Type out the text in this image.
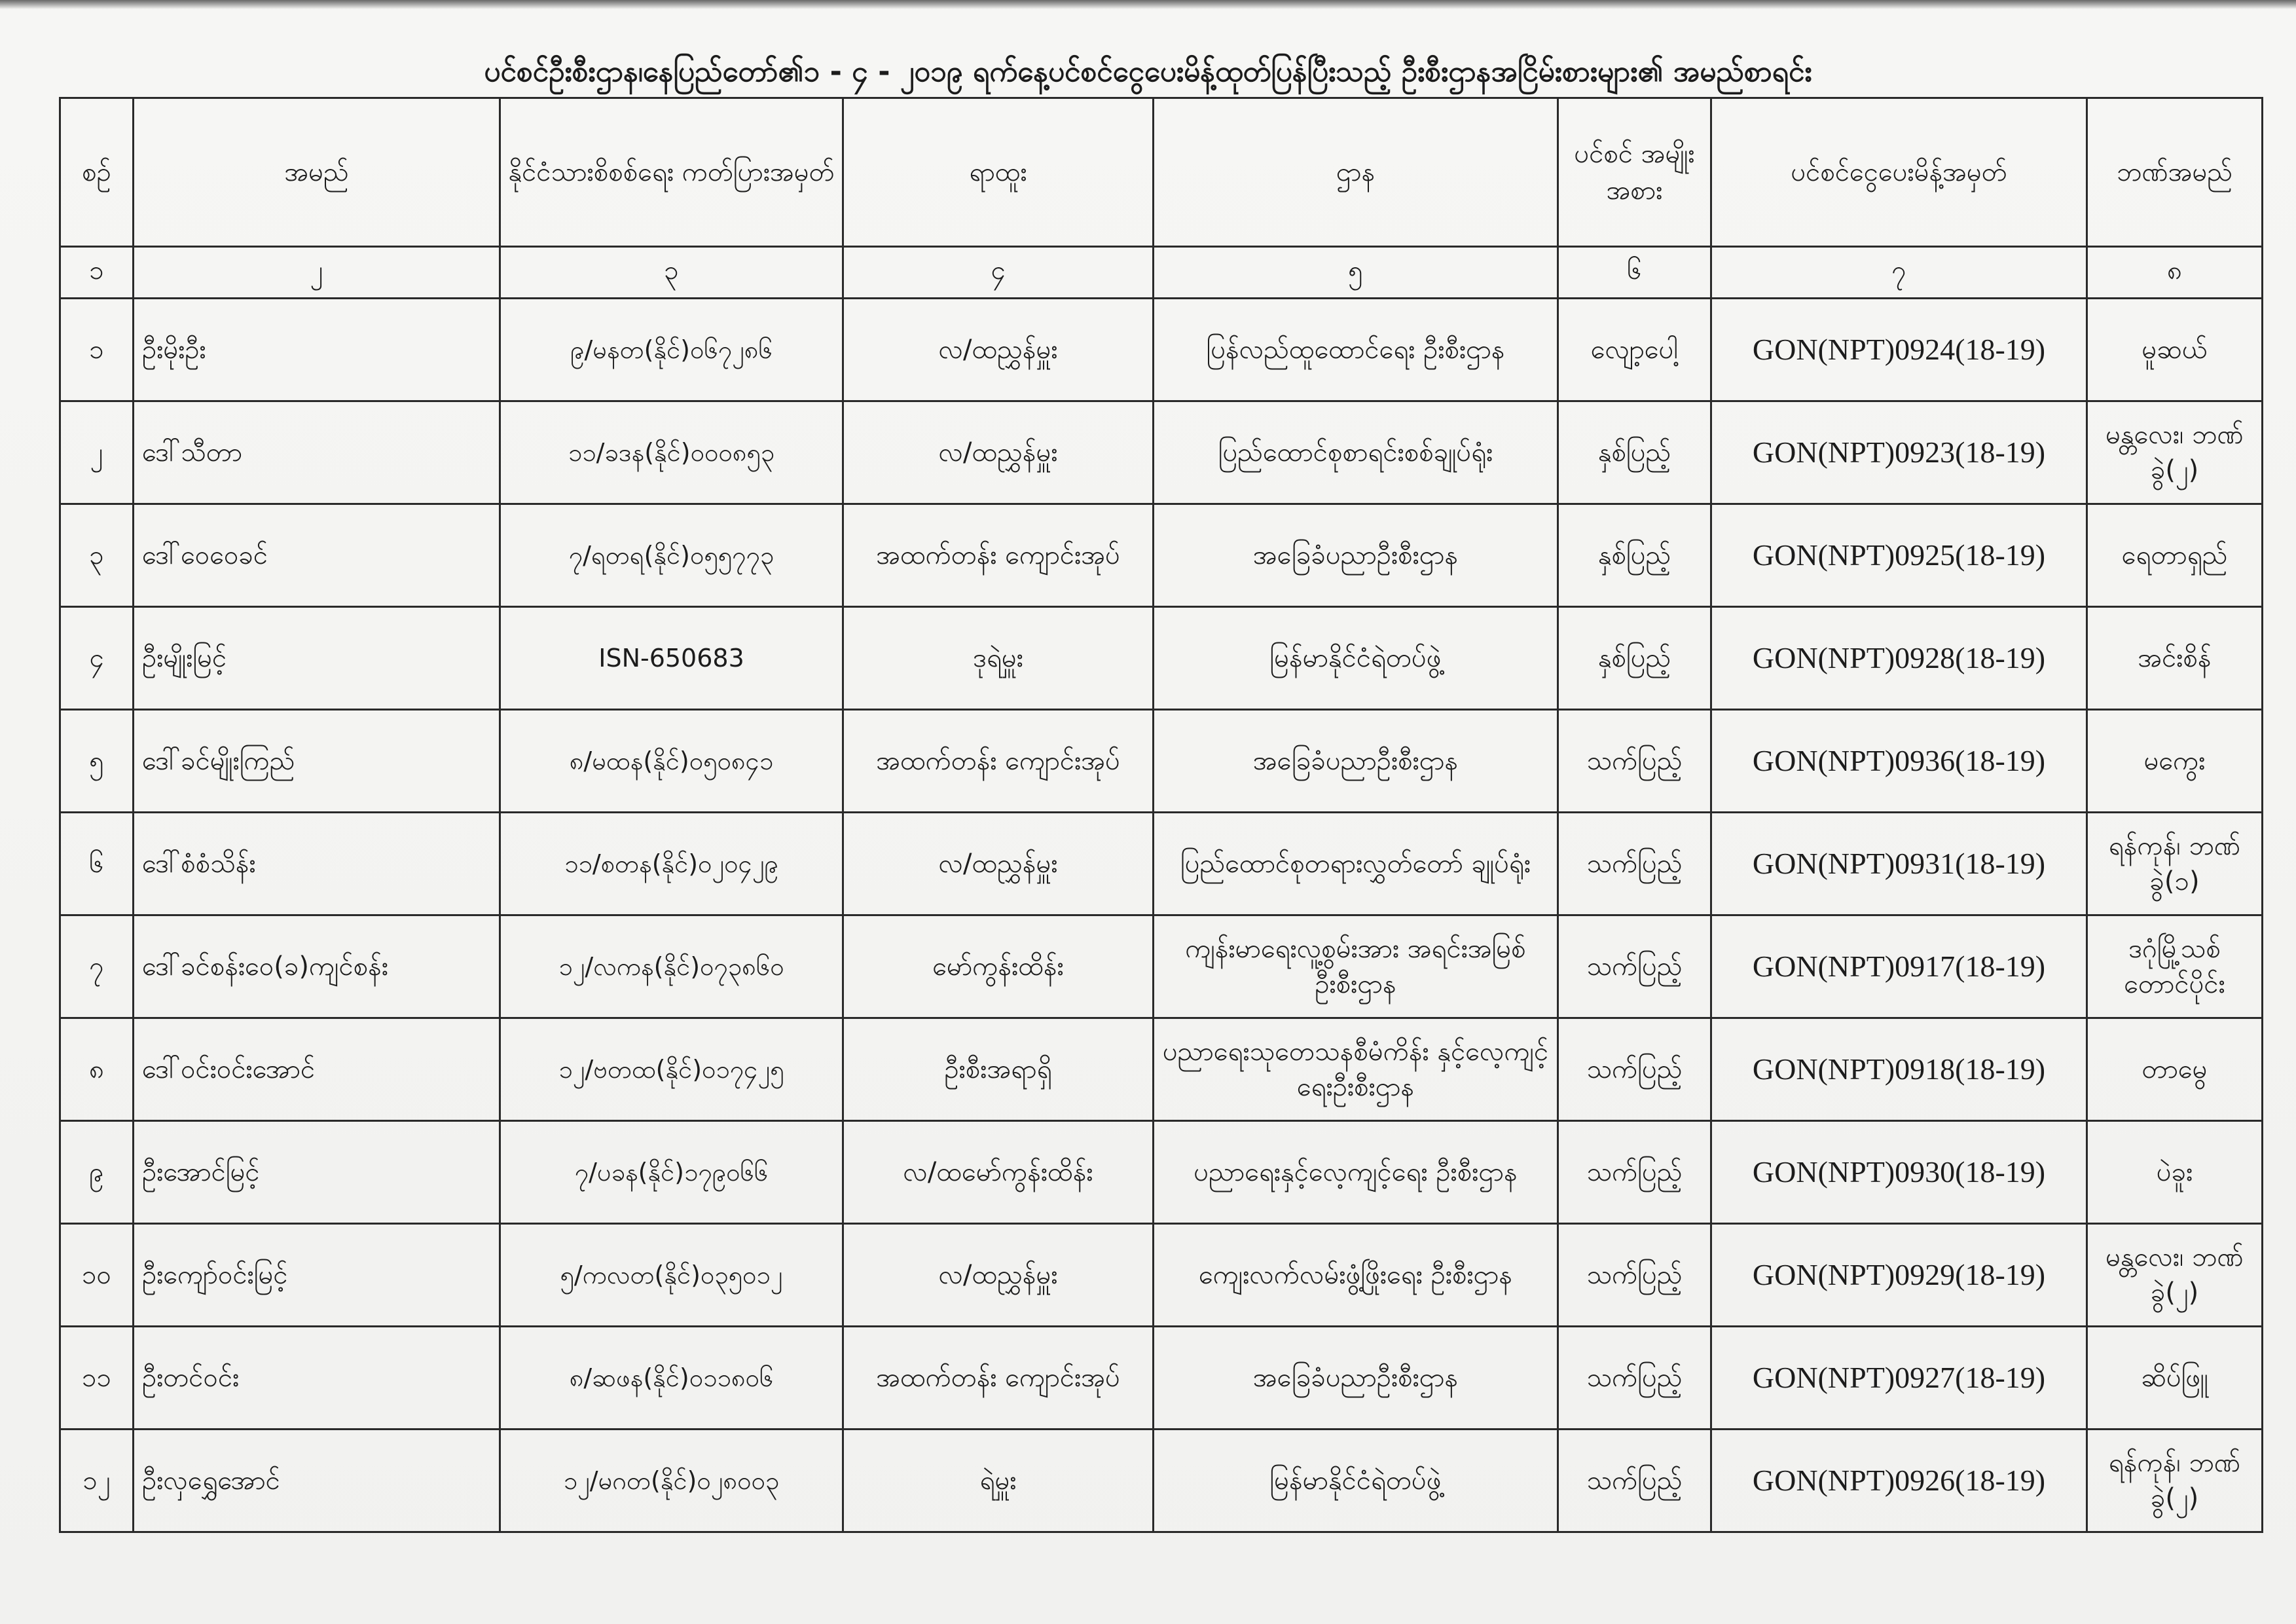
ပင်စင်ဦးစီးဌာန၊နေပြည်တော်၏၁ - ၄ - ၂၀၁၉ ရက်နေ့ပင်စင်ငွေပေးမိန့်ထုတ်ပြန်ပြီးသည့် ဦးစီးဌာနအငြိမ်းစားများ၏ အမည်စာရင်း
စဉ်	အမည်	နိုင်ငံသားစိစစ်ရေး ကတ်ပြားအမှတ်	ရာထူး	ဌာန	ပင်စင် အမျိုး အစား	ပင်စင်ငွေပေးမိန့်အမှတ်	ဘဏ်အမည်
၁	၂	၃	၄	၅	၆	၇	၈
၁	ဦးမိုးဦး	၉/မနတ(နိုင်)၀၆၇၂၈၆	လ/ထညွှန်မှူး	ပြန်လည်ထူထောင်ရေး ဦးစီးဌာန	လျော့ပေါ့	GON(NPT)0924(18-19)	မူဆယ်
၂	ဒေါ်သီတာ	၁၁/ခဒန(နိုင်)၀၀၀၈၅၃	လ/ထညွှန်မှူး	ပြည်ထောင်စုစာရင်းစစ်ချုပ်ရုံး	နှစ်ပြည့်	GON(NPT)0923(18-19)	မန္တလေး၊ ဘဏ်ခွဲ(၂)
၃	ဒေါ်ဝေဝေခင်	၇/ရတရ(နိုင်)၀၅၅၇၇၃	အထက်တန်း ကျောင်းအုပ်	အခြေခံပညာဦးစီးဌာန	နှစ်ပြည့်	GON(NPT)0925(18-19)	ရေတာရှည်
၄	ဦးမျိုးမြင့်	ISN-650683	ဒုရဲမှူး	မြန်မာနိုင်ငံရဲတပ်ဖွဲ့	နှစ်ပြည့်	GON(NPT)0928(18-19)	အင်းစိန်
၅	ဒေါ်ခင်မျိုးကြည်	၈/မထန(နိုင်)၀၅၀၈၄၁	အထက်တန်း ကျောင်းအုပ်	အခြေခံပညာဦးစီးဌာန	သက်ပြည့်	GON(NPT)0936(18-19)	မကွေး
၆	ဒေါ်စံစံသိန်း	၁၁/စတန(နိုင်)၀၂၀၄၂၉	လ/ထညွှန်မှူး	ပြည်ထောင်စုတရားလွှတ်တော် ချုပ်ရုံး	သက်ပြည့်	GON(NPT)0931(18-19)	ရန်ကုန်၊ ဘဏ်ခွဲ(၁)
၇	ဒေါ်ခင်စန်းဝေ(ခ)ကျင်စန်း	၁၂/လကန(နိုင်)၀၇၃၈၆၀	မော်ကွန်းထိန်း	ကျန်းမာရေးလူ့စွမ်းအား အရင်းအမြစ်ဦးစီးဌာန	သက်ပြည့်	GON(NPT)0917(18-19)	ဒဂုံမြို့သစ် တောင်ပိုင်း
၈	ဒေါ်ဝင်းဝင်းအောင်	၁၂/ဗတထ(နိုင်)၀၁၇၄၂၅	ဦးစီးအရာရှိ	ပညာရေးသုတေသနစီမံကိန်း နှင့်လေ့ကျင့်ရေးဦးစီးဌာန	သက်ပြည့်	GON(NPT)0918(18-19)	တာမွေ
၉	ဦးအောင်မြင့်	၇/ပခန(နိုင်)၁၇၉၀၆၆	လ/ထမော်ကွန်းထိန်း	ပညာရေးနှင့်လေ့ကျင့်ရေး ဦးစီးဌာန	သက်ပြည့်	GON(NPT)0930(18-19)	ပဲခူး
၁၀	ဦးကျော်ဝင်းမြင့်	၅/ကလတ(နိုင်)၀၃၅၀၁၂	လ/ထညွှန်မှူး	ကျေးလက်လမ်းဖွံ့ဖြိုးရေး ဦးစီးဌာန	သက်ပြည့်	GON(NPT)0929(18-19)	မန္တလေး၊ ဘဏ်ခွဲ(၂)
၁၁	ဦးတင်ဝင်း	၈/ဆဖန(နိုင်)၀၁၁၈၀၆	အထက်တန်း ကျောင်းအုပ်	အခြေခံပညာဦးစီးဌာန	သက်ပြည့်	GON(NPT)0927(18-19)	ဆိပ်ဖြူ
၁၂	ဦးလှရွှေအောင်	၁၂/မဂတ(နိုင်)၀၂၈၀၀၃	ရဲမှူး	မြန်မာနိုင်ငံရဲတပ်ဖွဲ့	သက်ပြည့်	GON(NPT)0926(18-19)	ရန်ကုန်၊ ဘဏ်ခွဲ(၂)
